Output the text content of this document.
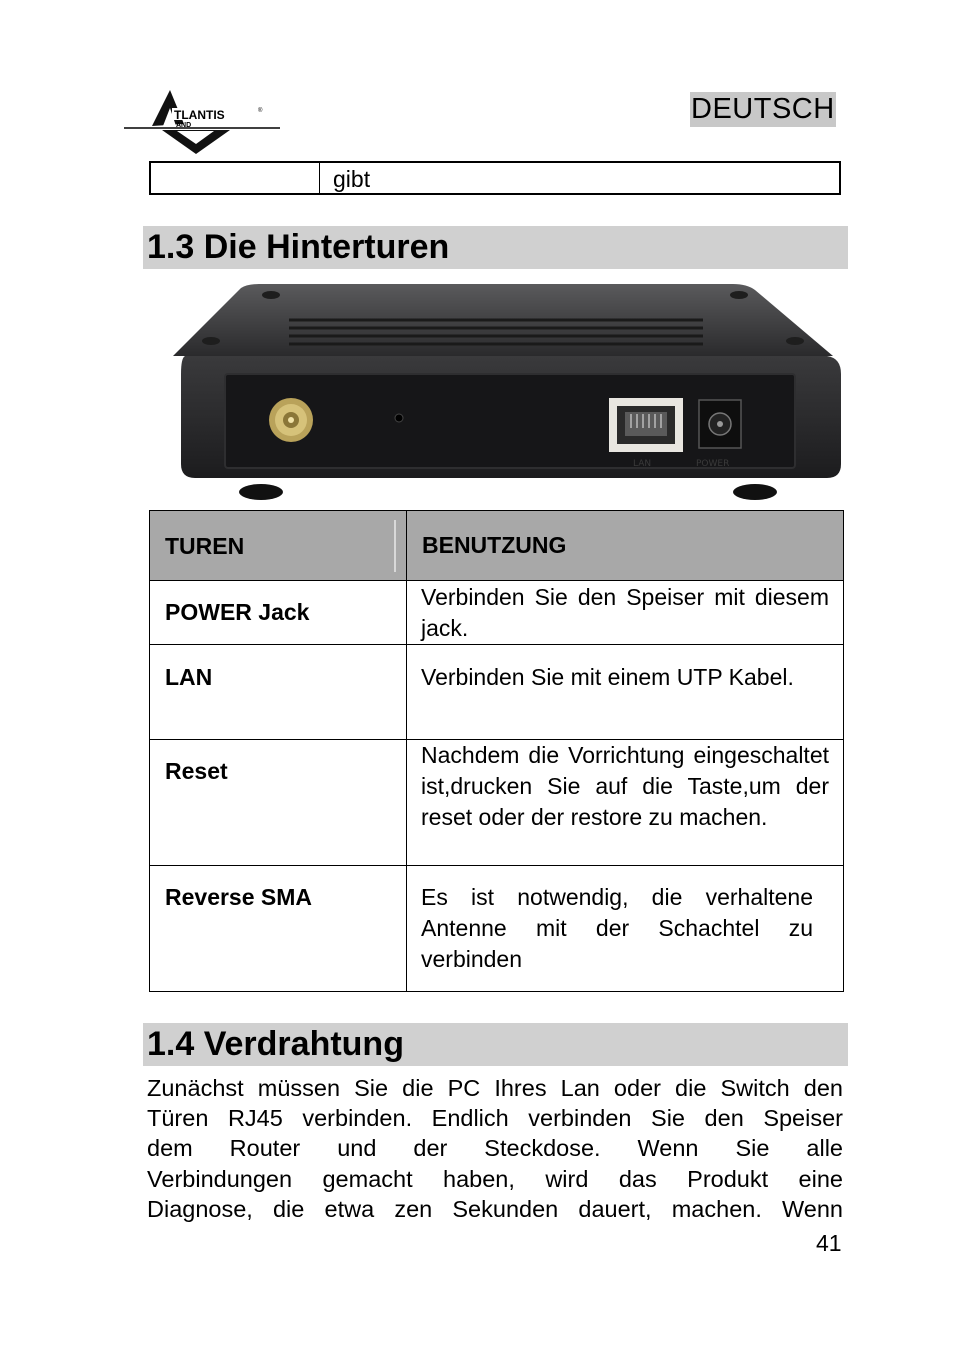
TLANTIS	®
AND
DEUTSCH
gibt
1.3 Die Hinterturen
LAN	POWER
TUREN	BENUTZUNG

POWER Jack	Verbinden Sie den Speiser mit diesem jack.

LAN	Verbinden Sie mit einem UTP Kabel.

Reset	Nachdem die Vorrichtung eingeschaltet ist,drucken Sie auf die Taste,um der reset oder der restore zu machen.

Reverse SMA	Es ist notwendig, die verhaltene Antenne mit der Schachtel zu verbinden
1.4 Verdrahtung
Zunächst müssen Sie die PC Ihres Lan oder die Switch den
Türen RJ45 verbinden. Endlich verbinden Sie den Speiser
dem Router und der Steckdose. Wenn Sie alle
Verbindungen gemacht haben, wird das Produkt eine
Diagnose, die etwa zen Sekunden dauert, machen. Wenn
41
